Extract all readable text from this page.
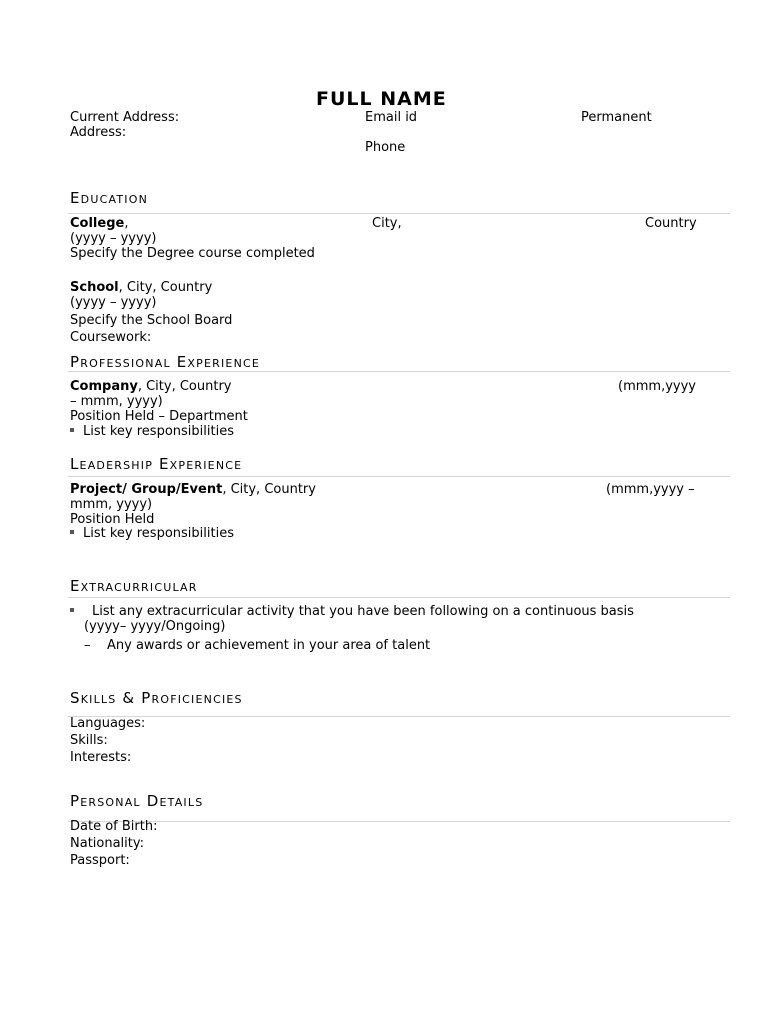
FULL NAME
Current Address:	Email id	Permanent
Address:
Phone
Education
College,	City,	Country
(yyyy – yyyy)
Specify the Degree course completed
School, City, Country
(yyyy – yyyy)
Specify the School Board
Coursework:
Professional Experience
Company, City, Country	(mmm,yyyy
– mmm, yyyy)
Position Held – Department
List key responsibilities
Leadership Experience
Project/ Group/Event, City, Country	(mmm,yyyy –
mmm, yyyy)
Position Held
List key responsibilities
Extracurricular
List any extracurricular activity that you have been following on a continuous basis
(yyyy– yyyy/Ongoing)
– Any awards or achievement in your area of talent
Skills & Proficiencies
Languages:
Skills:
Interests:
Personal Details
Date of Birth:
Nationality:
Passport:
